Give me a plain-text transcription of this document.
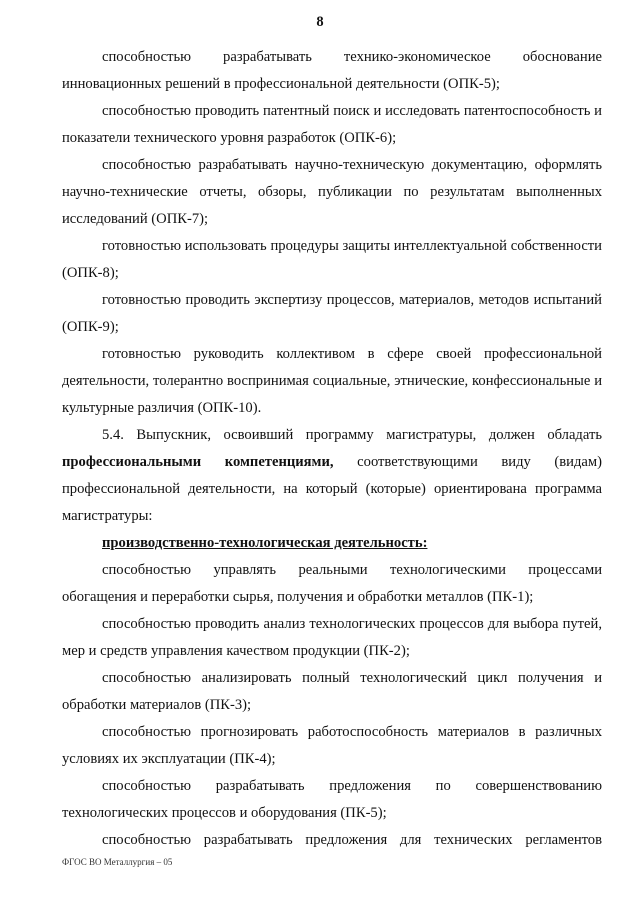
8

способностью разрабатывать технико-экономическое обоснование инновационных решений в профессиональной деятельности (ОПК-5);

способностью проводить патентный поиск и исследовать патентоспособность и показатели технического уровня разработок (ОПК-6);

способностью разрабатывать научно-техническую документацию, оформлять научно-технические отчеты, обзоры, публикации по результатам выполненных исследований (ОПК-7);

готовностью использовать процедуры защиты интеллектуальной собственности (ОПК-8);

готовностью проводить экспертизу процессов, материалов, методов испытаний (ОПК-9);

готовностью руководить коллективом в сфере своей профессиональной деятельности, толерантно воспринимая социальные, этнические, конфессиональные и культурные различия (ОПК-10).

5.4. Выпускник, освоивший программу магистратуры, должен обладать профессиональными компетенциями, соответствующими виду (видам) профессиональной деятельности, на который (которые) ориентирована программа магистратуры:

производственно-технологическая деятельность:

способностью управлять реальными технологическими процессами обогащения и переработки сырья, получения и обработки металлов (ПК-1);

способностью проводить анализ технологических процессов для выбора путей, мер и средств управления качеством продукции (ПК-2);

способностью анализировать полный технологический цикл получения и обработки материалов (ПК-3);

способностью прогнозировать работоспособность материалов в различных условиях их эксплуатации (ПК-4);

способностью разрабатывать предложения по совершенствованию технологических процессов и оборудования (ПК-5);

способностью разрабатывать предложения для технических регламентов

ФГОС ВО Металлургия – 05
